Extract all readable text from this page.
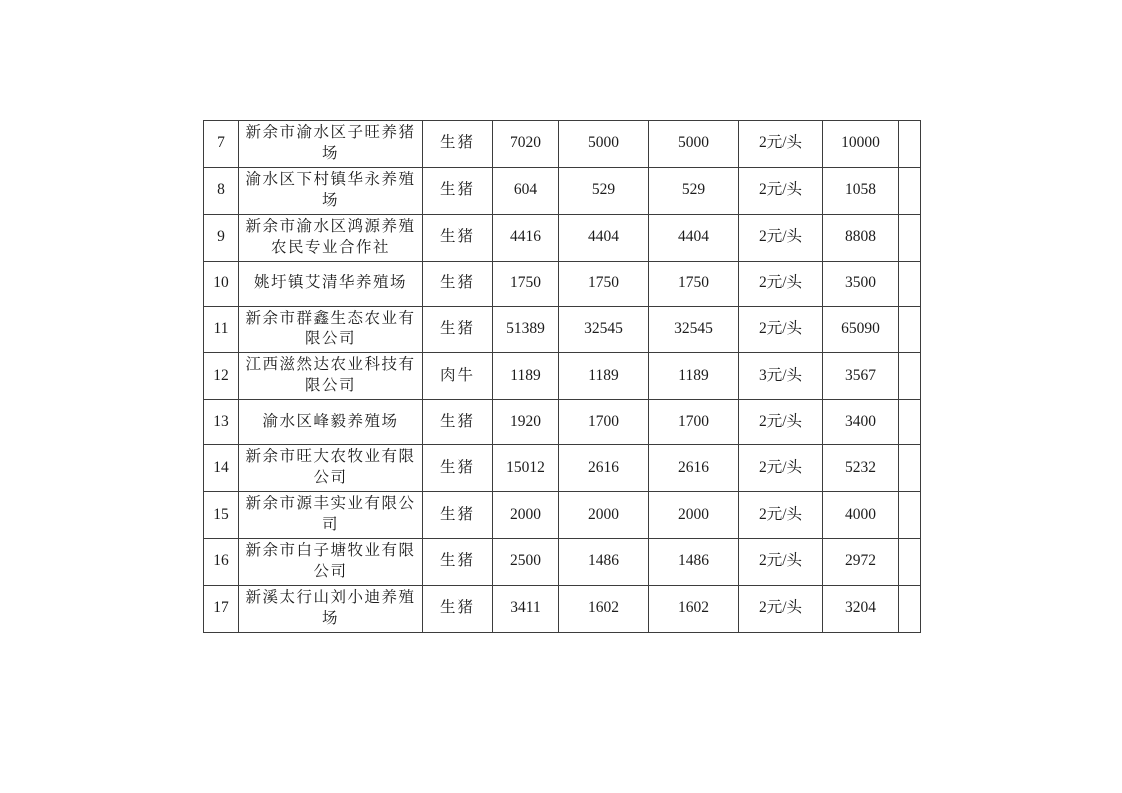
7	新余市渝水区子旺养猪场	生猪	7020	5000	5000	2元/头	10000	
8	渝水区下村镇华永养殖场	生猪	604	529	529	2元/头	1058	
9	新余市渝水区鸿源养殖农民专业合作社	生猪	4416	4404	4404	2元/头	8808	
10	姚圩镇艾清华养殖场	生猪	1750	1750	1750	2元/头	3500	
11	新余市群鑫生态农业有限公司	生猪	51389	32545	32545	2元/头	65090	
12	江西滋然达农业科技有限公司	肉牛	1189	1189	1189	3元/头	3567	
13	渝水区峰毅养殖场	生猪	1920	1700	1700	2元/头	3400	
14	新余市旺大农牧业有限公司	生猪	15012	2616	2616	2元/头	5232	
15	新余市源丰实业有限公司	生猪	2000	2000	2000	2元/头	4000	
16	新余市白子塘牧业有限公司	生猪	2500	1486	1486	2元/头	2972	
17	新溪太行山刘小迪养殖场	生猪	3411	1602	1602	2元/头	3204	
